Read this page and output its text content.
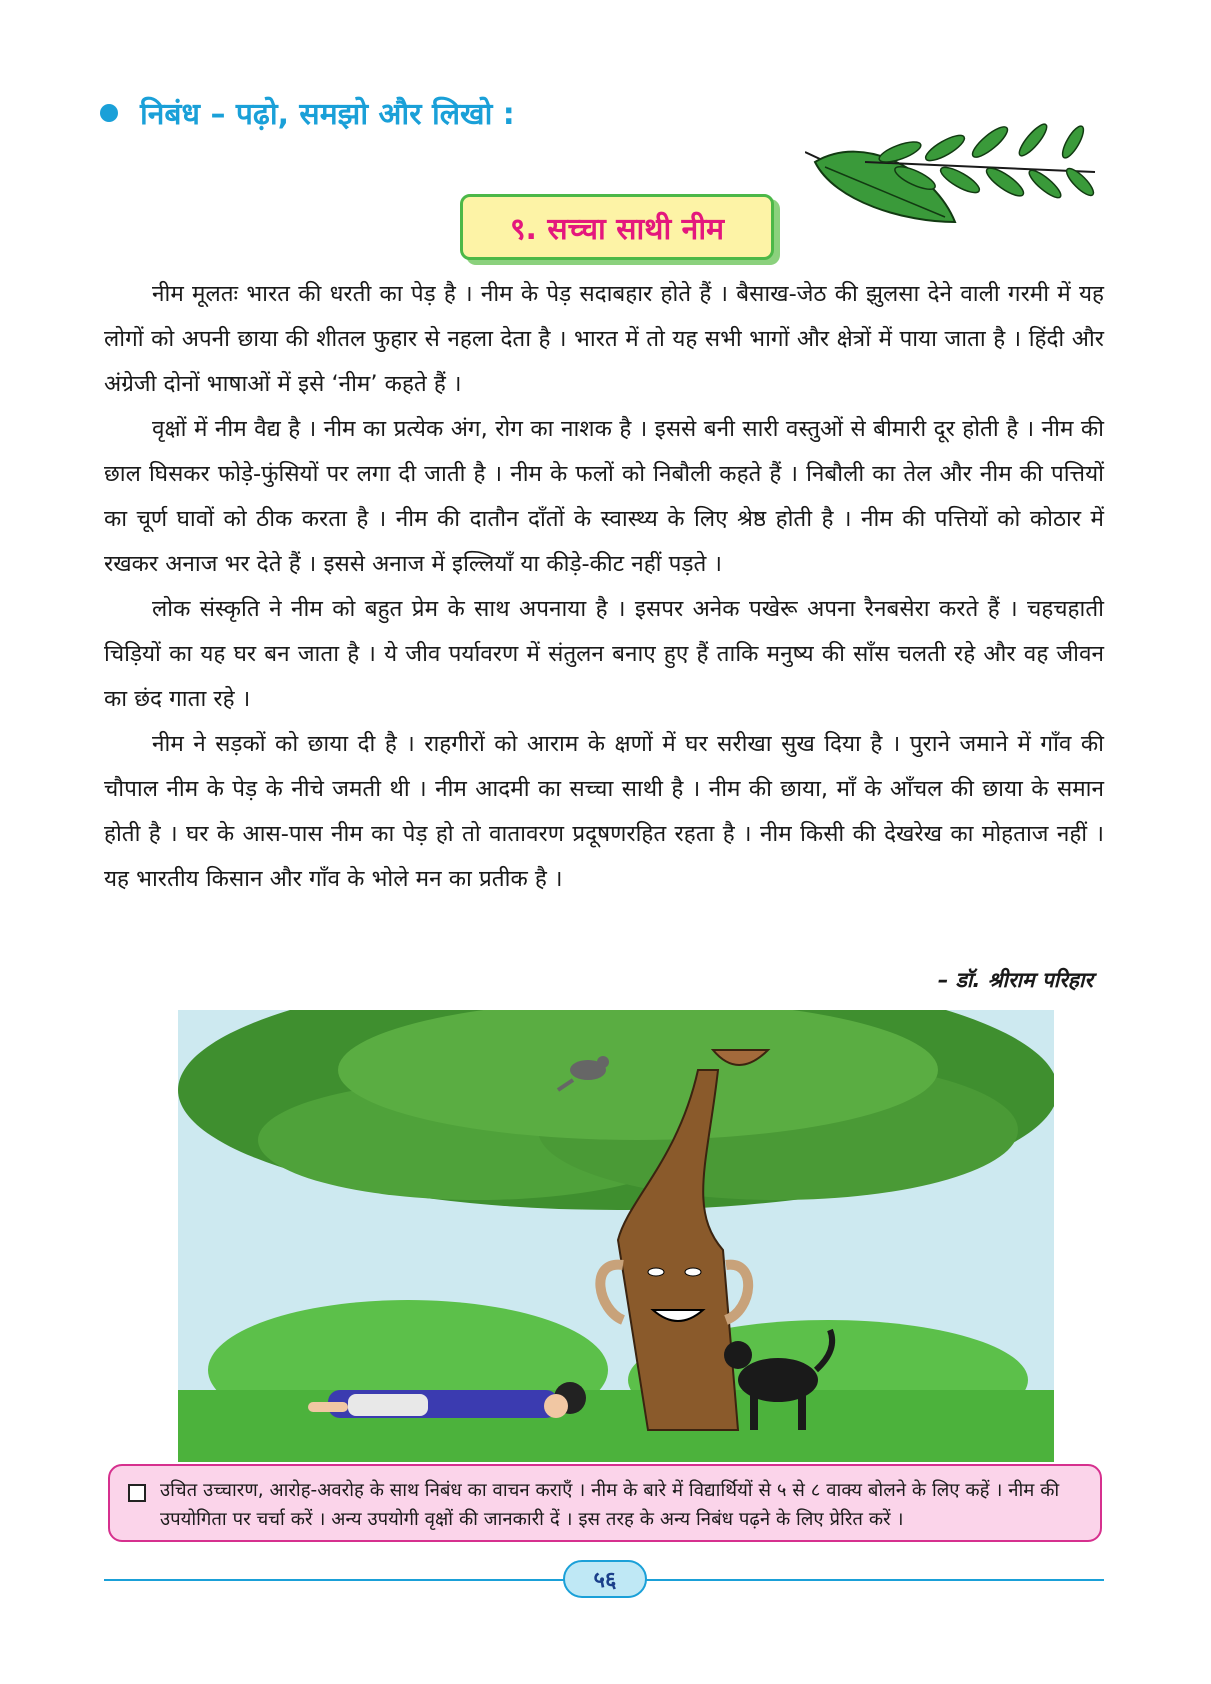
निबंध – पढ़ो, समझो और लिखो :
९. सच्चा साथी नीम

नीम मूलतः भारत की धरती का पेड़ है । नीम के पेड़ सदाबहार होते हैं । बैसाख-जेठ की झुलसा देने वाली गरमी में यह लोगों को अपनी छाया की शीतल फुहार से नहला देता है । भारत में तो यह सभी भागों और क्षेत्रों में पाया जाता है । हिंदी और अंग्रेजी दोनों भाषाओं में इसे ‘नीम’ कहते हैं ।

वृक्षों में नीम वैद्य है । नीम का प्रत्येक अंग, रोग का नाशक है । इससे बनी सारी वस्तुओं से बीमारी दूर होती है । नीम की छाल घिसकर फोड़े-फुंसियों पर लगा दी जाती है । नीम के फलों को निबौली कहते हैं । निबौली का तेल और नीम की पत्तियों का चूर्ण घावों को ठीक करता है । नीम की दातौन दाँतों के स्वास्थ्य के लिए श्रेष्ठ होती है । नीम की पत्तियों को कोठार में रखकर अनाज भर देते हैं । इससे अनाज में इल्लियाँ या कीड़े-कीट नहीं पड़ते ।

लोक संस्कृति ने नीम को बहुत प्रेम के साथ अपनाया है । इसपर अनेक पखेरू अपना रैनबसेरा करते हैं । चहचहाती चिड़ियों का यह घर बन जाता है । ये जीव पर्यावरण में संतुलन बनाए हुए हैं ताकि मनुष्य की साँस चलती रहे और वह जीवन का छंद गाता रहे ।

नीम ने सड़कों को छाया दी है । राहगीरों को आराम के क्षणों में घर सरीखा सुख दिया है । पुराने जमाने में गाँव की चौपाल नीम के पेड़ के नीचे जमती थी । नीम आदमी का सच्चा साथी है । नीम की छाया, माँ के आँचल की छाया के समान होती है । घर के आस-पास नीम का पेड़ हो तो वातावरण प्रदूषणरहित रहता है । नीम किसी की देखरेख का मोहताज नहीं । यह भारतीय किसान और गाँव के भोले मन का प्रतीक है ।

– डॉ. श्रीराम परिहार
उचित उच्चारण, आरोह-अवरोह के साथ निबंध का वाचन कराएँ । नीम के बारे में विद्यार्थियों से ५ से ८ वाक्य बोलने के लिए कहें । नीम की उपयोगिता पर चर्चा करें । अन्य उपयोगी वृक्षों की जानकारी दें । इस तरह के अन्य निबंध पढ़ने के लिए प्रेरित करें ।
५६
